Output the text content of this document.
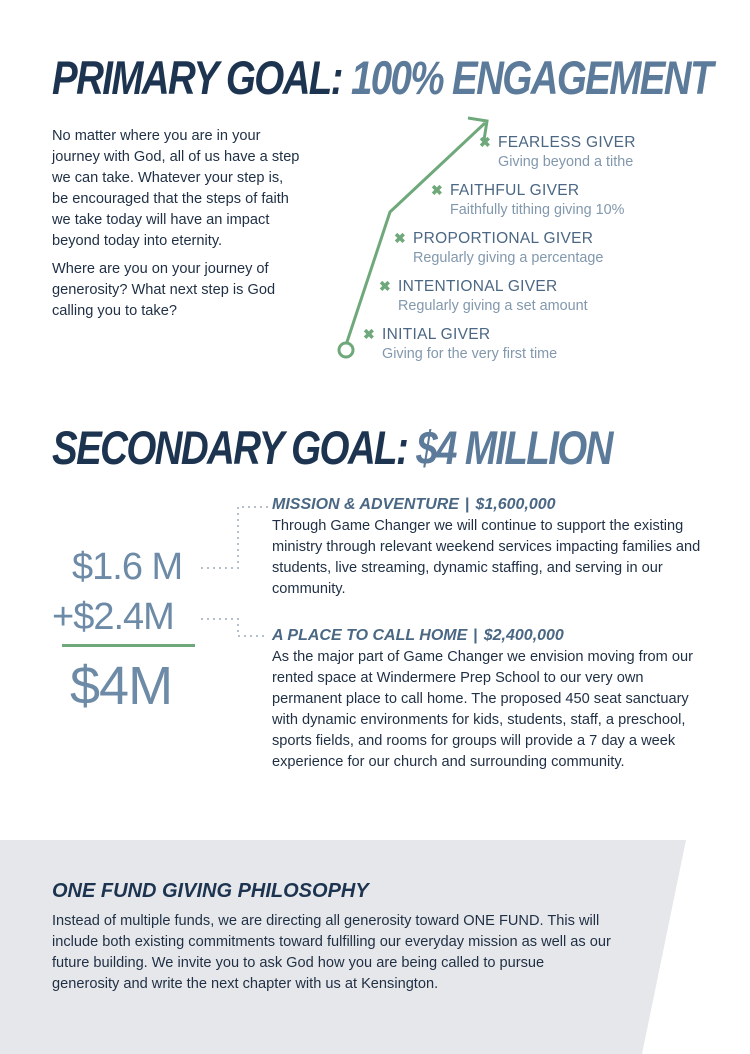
PRIMARY GOAL: 100% ENGAGEMENT

No matter where you are in your journey with God, all of us have a step we can take. Whatever your step is, be encouraged that the steps of faith we take today will have an impact beyond today into eternity.

Where are you on your journey of generosity? What next step is God calling you to take?

✖ FEARLESS GIVER
Giving beyond a tithe
✖ FAITHFUL GIVER
Faithfully tithing giving 10%
✖ PROPORTIONAL GIVER
Regularly giving a percentage
✖ INTENTIONAL GIVER
Regularly giving a set amount
✖ INITIAL GIVER
Giving for the very first time
SECONDARY GOAL: $4 MILLION
$1.6 M
+$2.4M
$4M
MISSION & ADVENTURE | $1,600,000
Through Game Changer we will continue to support the existing ministry through relevant weekend services impacting families and students, live streaming, dynamic staffing, and serving in our community.
A PLACE TO CALL HOME | $2,400,000
As the major part of Game Changer we envision moving from our rented space at Windermere Prep School to our very own permanent place to call home. The proposed 450 seat sanctuary with dynamic environments for kids, students, staff, a preschool, sports fields, and rooms for groups will provide a 7 day a week experience for our church and surrounding community.
ONE FUND GIVING PHILOSOPHY

Instead of multiple funds, we are directing all generosity toward ONE FUND. This will include both existing commitments toward fulfilling our everyday mission as well as our future building. We invite you to ask God how you are being called to pursue generosity and write the next chapter with us at Kensington.
